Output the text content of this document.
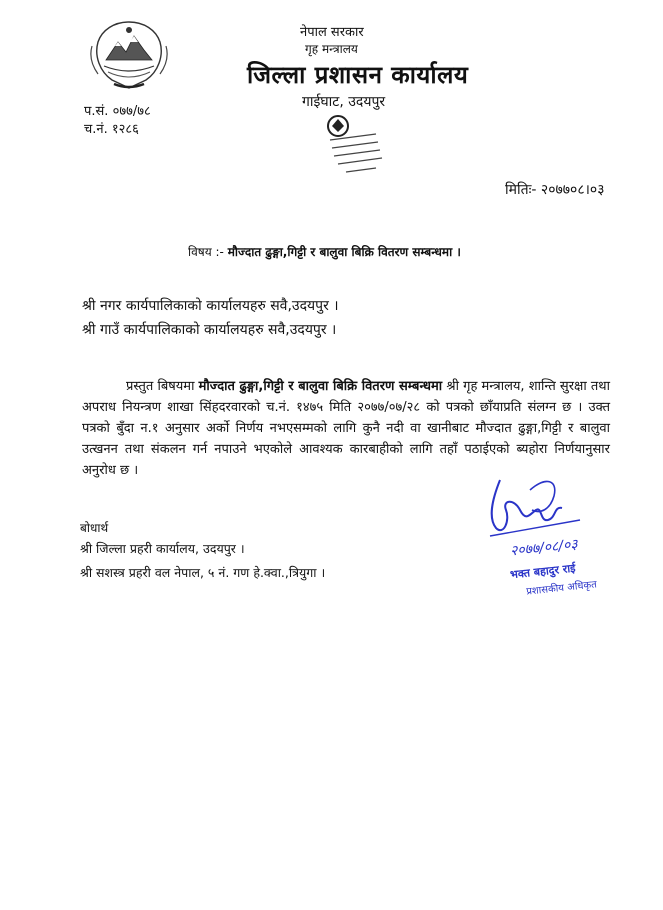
नेपाल सरकार
गृह मन्त्रालय
जिल्ला प्रशासन कार्यालय
गाईघाट, उदयपुर
प.सं. ०७७/७८
च.नं. १२८६
मितिः- २०७७०८।०३
विषय :- मौज्दात ढुङ्गा,गिट्टी र बालुवा बिक्रि वितरण सम्बन्धमा ।
श्री नगर कार्यपालिकाको कार्यालयहरु सवै,उदयपुर ।
श्री गाउँ कार्यपालिकाको कार्यालयहरु सवै,उदयपुर ।
प्रस्तुत बिषयमा मौज्दात ढुङ्गा,गिट्टी र बालुवा बिक्रि वितरण सम्बन्धमा श्री गृह मन्त्रालय, शान्ति सुरक्षा तथा अपराध नियन्त्रण शाखा सिंहदरवारको च.नं. १४७५ मिति २०७७/०७/२८ को पत्रको छाँयाप्रति संलग्न छ । उक्त पत्रको बुँदा न.१ अनुसार अर्को निर्णय नभएसम्मको लागि कुनै नदी वा खानीबाट मौज्दात ढुङ्गा,गिट्टी र बालुवा उत्खनन तथा संकलन गर्न नपाउने भएकोले आवश्यक कारबाहीको लागि तहाँ पठाईएको ब्यहोरा निर्णयानुसार अनुरोध छ ।
बोधार्थ
श्री जिल्ला प्रहरी कार्यालय, उदयपुर ।
श्री सशस्त्र प्रहरी वल नेपाल, ५ नं. गण हे.क्वा.,त्रियुगा ।
२०७७/०८/०३
भक्त बहादुर राई
प्रशासकीय अधिकृत
